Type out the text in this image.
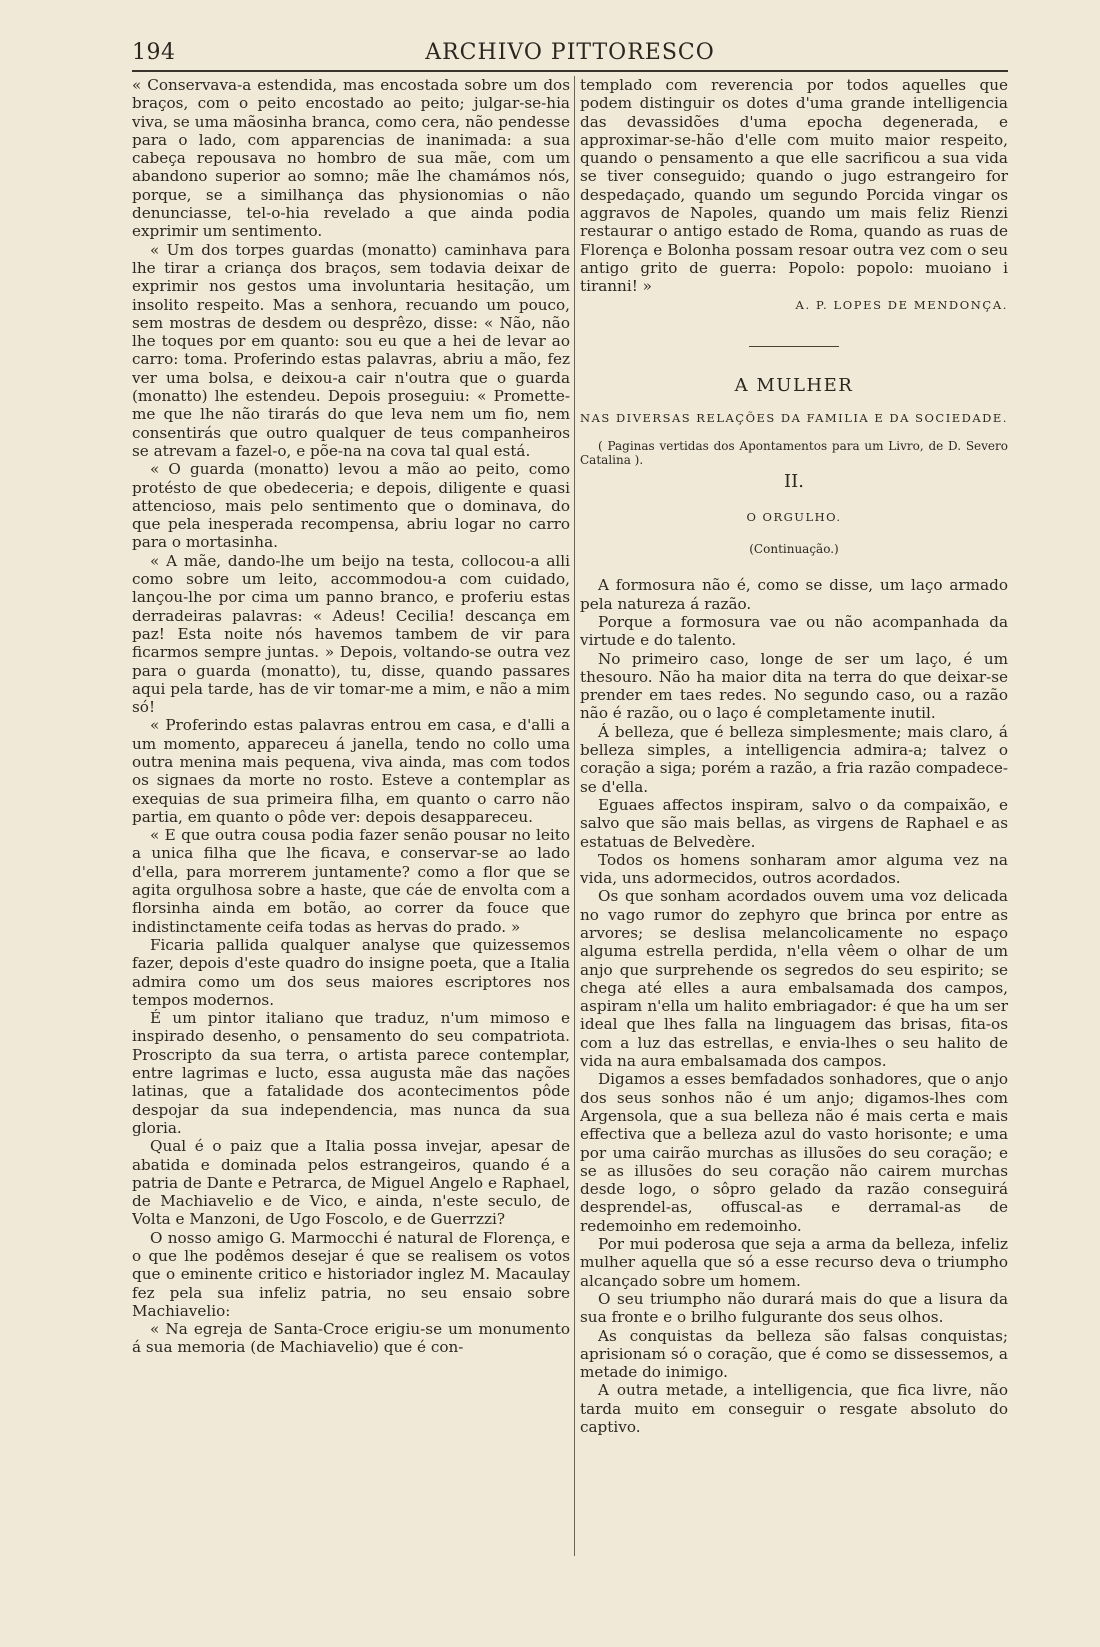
194	ARCHIVO PITTORESCO

« Conservava-a estendida, mas encostada sobre um dos braços, com o peito encostado ao peito; julgar-se-hia viva, se uma mãosinha branca, como cera, não pendesse para o lado, com apparencias de inanimada: a sua cabeça repousava no hombro de sua mãe, com um abandono superior ao somno; mãe lhe chamámos nós, porque, se a similhança das physionomias o não denunciasse, tel-o-hia revelado a que ainda podia exprimir um sentimento.

« Um dos torpes guardas (monatto) caminhava para lhe tirar a criança dos braços, sem todavia deixar de exprimir nos gestos uma involuntaria hesitação, um insolito respeito. Mas a senhora, recuando um pouco, sem mostras de desdem ou desprêzo, disse: « Não, não lhe toques por em quanto: sou eu que a hei de levar ao carro: toma. Proferindo estas palavras, abriu a mão, fez ver uma bolsa, e deixou-a cair n'outra que o guarda (monatto) lhe estendeu. Depois proseguiu: « Promette-me que lhe não tirarás do que leva nem um fio, nem consentirás que outro qualquer de teus companheiros se atrevam a fazel-o, e põe-na na cova tal qual está.

« O guarda (monatto) levou a mão ao peito, como protésto de que obedeceria; e depois, diligente e quasi attencioso, mais pelo sentimento que o dominava, do que pela inesperada recompensa, abriu logar no carro para o mortasinha.

« A mãe, dando-lhe um beijo na testa, collocou-a alli como sobre um leito, accommodou-a com cuidado, lançou-lhe por cima um panno branco, e proferiu estas derradeiras palavras: « Adeus! Cecilia! descança em paz! Esta noite nós havemos tambem de vir para ficarmos sempre juntas. » Depois, voltando-se outra vez para o guarda (monatto), tu, disse, quando passares aqui pela tarde, has de vir tomar-me a mim, e não a mim só!

« Proferindo estas palavras entrou em casa, e d'alli a um momento, appareceu á janella, tendo no collo uma outra menina mais pequena, viva ainda, mas com todos os signaes da morte no rosto. Esteve a contemplar as exequias de sua primeira filha, em quanto o carro não partia, em quanto o pôde ver: depois desappareceu.

« E que outra cousa podia fazer senão pousar no leito a unica filha que lhe ficava, e conservar-se ao lado d'ella, para morrerem juntamente? como a flor que se agita orgulhosa sobre a haste, que cáe de envolta com a florsinha ainda em botão, ao correr da fouce que indistinctamente ceifa todas as hervas do prado. »

Ficaria pallida qualquer analyse que quizessemos fazer, depois d'este quadro do insigne poeta, que a Italia admira como um dos seus maiores escriptores nos tempos modernos.

É um pintor italiano que traduz, n'um mimoso e inspirado desenho, o pensamento do seu compatriota. Proscripto da sua terra, o artista parece contemplar, entre lagrimas e lucto, essa augusta mãe das nações latinas, que a fatalidade dos acontecimentos pôde despojar da sua independencia, mas nunca da sua gloria.

Qual é o paiz que a Italia possa invejar, apesar de abatida e dominada pelos estrangeiros, quando é a patria de Dante e Petrarca, de Miguel Angelo e Raphael, de Machiavelio e de Vico, e ainda, n'este seculo, de Volta e Manzoni, de Ugo Foscolo, e de Guerrzzi?

O nosso amigo G. Marmocchi é natural de Florença, e o que lhe podêmos desejar é que se realisem os votos que o eminente critico e historiador inglez M. Macaulay fez pela sua infeliz patria, no seu ensaio sobre Machiavelio:

« Na egreja de Santa-Croce erigiu-se um monumento á sua memoria (de Machiavelio) que é con-

templado com reverencia por todos aquelles que podem distinguir os dotes d'uma grande intelligencia das devassidões d'uma epocha degenerada, e approximar-se-hão d'elle com muito maior respeito, quando o pensamento a que elle sacrificou a sua vida se tiver conseguido; quando o jugo estrangeiro for despedaçado, quando um segundo Porcida vingar os aggravos de Napoles, quando um mais feliz Rienzi restaurar o antigo estado de Roma, quando as ruas de Florença e Bolonha possam resoar outra vez com o seu antigo grito de guerra: Popolo: popolo: muoiano i tiranni! »

A. P. LOPES DE MENDONÇA.

A MULHER
NAS DIVERSAS RELAÇÕES DA FAMILIA E DA SOCIEDADE.

( Paginas vertidas dos Apontamentos para um Livro, de D. Severo Catalina ).

II.
O ORGULHO.
(Continuação.)

A formosura não é, como se disse, um laço armado pela natureza á razão.

Porque a formosura vae ou não acompanhada da virtude e do talento.

No primeiro caso, longe de ser um laço, é um thesouro. Não ha maior dita na terra do que deixar-se prender em taes redes. No segundo caso, ou a razão não é razão, ou o laço é completamente inutil.

Á belleza, que é belleza simplesmente; mais claro, á belleza simples, a intelligencia admira-a; talvez o coração a siga; porém a razão, a fria razão compadece-se d'ella.

Eguaes affectos inspiram, salvo o da compaixão, e salvo que são mais bellas, as virgens de Raphael e as estatuas de Belvedère.

Todos os homens sonharam amor alguma vez na vida, uns adormecidos, outros acordados.

Os que sonham acordados ouvem uma voz delicada no vago rumor do zephyro que brinca por entre as arvores; se deslisa melancolicamente no espaço alguma estrella perdida, n'ella vêem o olhar de um anjo que surprehende os segredos do seu espirito; se chega até elles a aura embalsamada dos campos, aspiram n'ella um halito embriagador: é que ha um ser ideal que lhes falla na linguagem das brisas, fita-os com a luz das estrellas, e envia-lhes o seu halito de vida na aura embalsamada dos campos.

Digamos a esses bemfadados sonhadores, que o anjo dos seus sonhos não é um anjo; digamos-lhes com Argensola, que a sua belleza não é mais certa e mais effectiva que a belleza azul do vasto horisonte; e uma por uma cairão murchas as illusões do seu coração; e se as illusões do seu coração não cairem murchas desde logo, o sôpro gelado da razão conseguirá desprendel-as, offuscal-as e derramal-as de redemoinho em redemoinho.

Por mui poderosa que seja a arma da belleza, infeliz mulher aquella que só a esse recurso deva o triumpho alcançado sobre um homem.

O seu triumpho não durará mais do que a lisura da sua fronte e o brilho fulgurante dos seus olhos.

As conquistas da belleza são falsas conquistas; aprisionam só o coração, que é como se dissessemos, a metade do inimigo.

A outra metade, a intelligencia, que fica livre, não tarda muito em conseguir o resgate absoluto do captivo.
